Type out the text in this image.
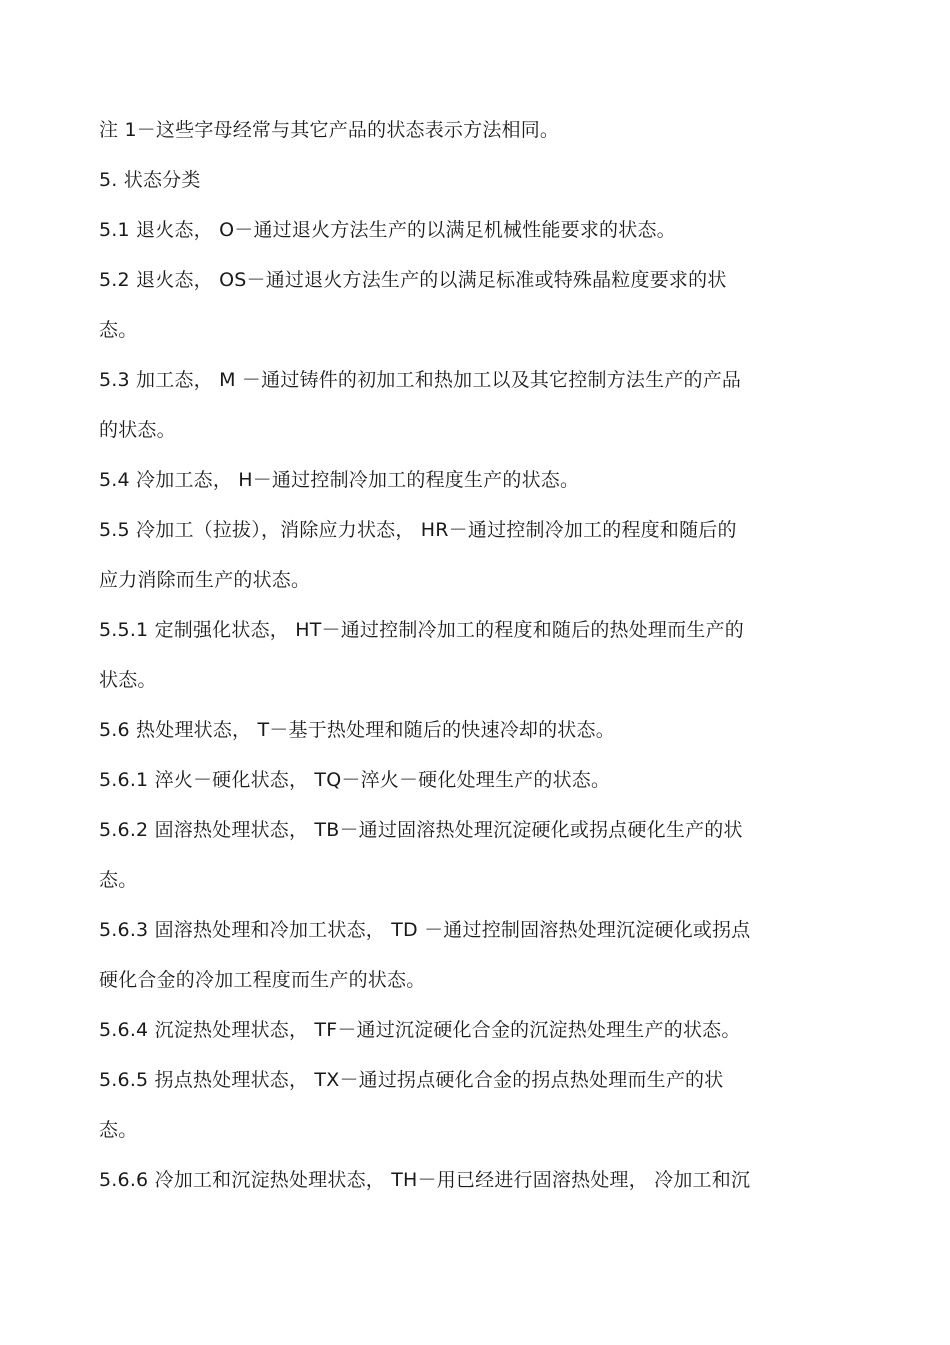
注 1－这些字母经常与其它产品的状态表示方法相同。
5. 状态分类
5.1 退火态， O－通过退火方法生产的以满足机械性能要求的状态。
5.2 退火态， OS－通过退火方法生产的以满足标准或特殊晶粒度要求的状
态。
5.3 加工态， M －通过铸件的初加工和热加工以及其它控制方法生产的产品
的状态。
5.4 冷加工态， H－通过控制冷加工的程度生产的状态。
5.5 冷加工（拉拔），消除应力状态， HR－通过控制冷加工的程度和随后的
应力消除而生产的状态。
5.5.1 定制强化状态， HT－通过控制冷加工的程度和随后的热处理而生产的
状态。
5.6 热处理状态， T－基于热处理和随后的快速冷却的状态。
5.6.1 淬火－硬化状态， TQ－淬火－硬化处理生产的状态。
5.6.2 固溶热处理状态， TB－通过固溶热处理沉淀硬化或拐点硬化生产的状
态。
5.6.3 固溶热处理和冷加工状态， TD －通过控制固溶热处理沉淀硬化或拐点
硬化合金的冷加工程度而生产的状态。
5.6.4 沉淀热处理状态， TF－通过沉淀硬化合金的沉淀热处理生产的状态。
5.6.5 拐点热处理状态， TX－通过拐点硬化合金的拐点热处理而生产的状
态。
5.6.6 冷加工和沉淀热处理状态， TH－用已经进行固溶热处理， 冷加工和沉
